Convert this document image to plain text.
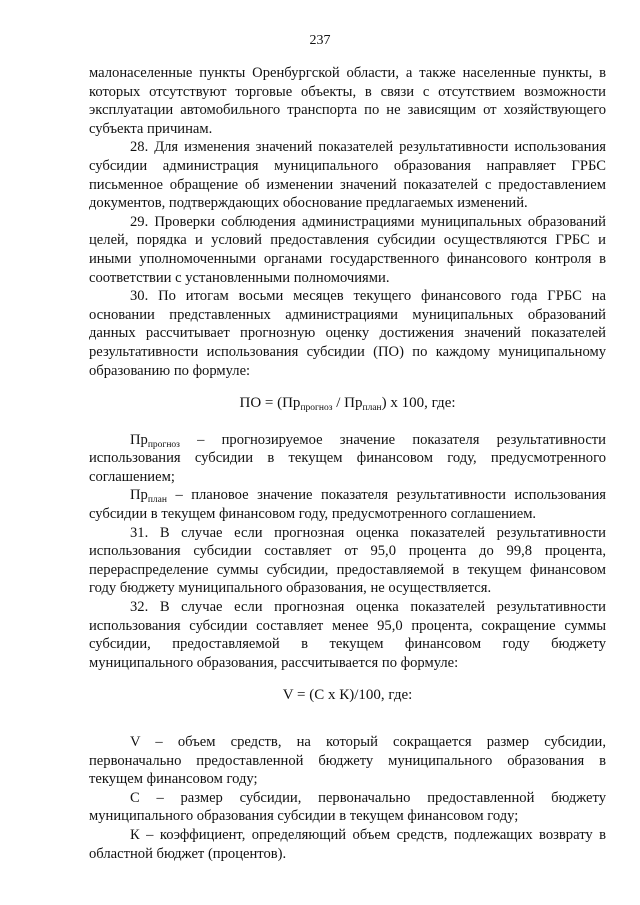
237

малонаселенные пункты Оренбургской области, а также населенные пункты, в которых отсутствуют торговые объекты, в связи с отсутствием возможности эксплуатации автомобильного транспорта по не зависящим от хозяйствующего субъекта причинам.

28. Для изменения значений показателей результативности использования субсидии администрация муниципального образования направляет ГРБС письменное обращение об изменении значений показателей с предоставлением документов, подтверждающих обоснование предлагаемых изменений.

29. Проверки соблюдения администрациями муниципальных образований целей, порядка и условий предоставления субсидии осуществляются ГРБС и иными уполномоченными органами государственного финансового контроля в соответствии с установленными полномочиями.

30. По итогам восьми месяцев текущего финансового года ГРБС на основании представленных администрациями муниципальных образований данных рассчитывает прогнозную оценку достижения значений показателей результативности использования субсидии (ПО) по каждому муниципальному образованию по формуле:

ПО = $(Пр_{прогноз} / Пр_{план})$ х 100, где:

$Пр_{прогноз}$ – прогнозируемое значение показателя результативности использования субсидии в текущем финансовом году, предусмотренного соглашением;

$Пр_{план}$ – плановое значение показателя результативности использования субсидии в текущем финансовом году, предусмотренного соглашением.

31. В случае если прогнозная оценка показателей результативности использования субсидии составляет от 95,0 процента до 99,8 процента, перераспределение суммы субсидии, предоставляемой в текущем финансовом году бюджету муниципального образования, не осуществляется.

32. В случае если прогнозная оценка показателей результативности использования субсидии составляет менее 95,0 процента, сокращение суммы субсидии, предоставляемой в текущем финансовом году бюджету муниципального образования, рассчитывается по формуле:

V = (С х К)/100, где:

V – объем средств, на который сокращается размер субсидии, первоначально предоставленной бюджету муниципального образования в текущем финансовом году;

С – размер субсидии, первоначально предоставленной бюджету муниципального образования субсидии в текущем финансовом году;

К – коэффициент, определяющий объем средств, подлежащих возврату в областной бюджет (процентов).
